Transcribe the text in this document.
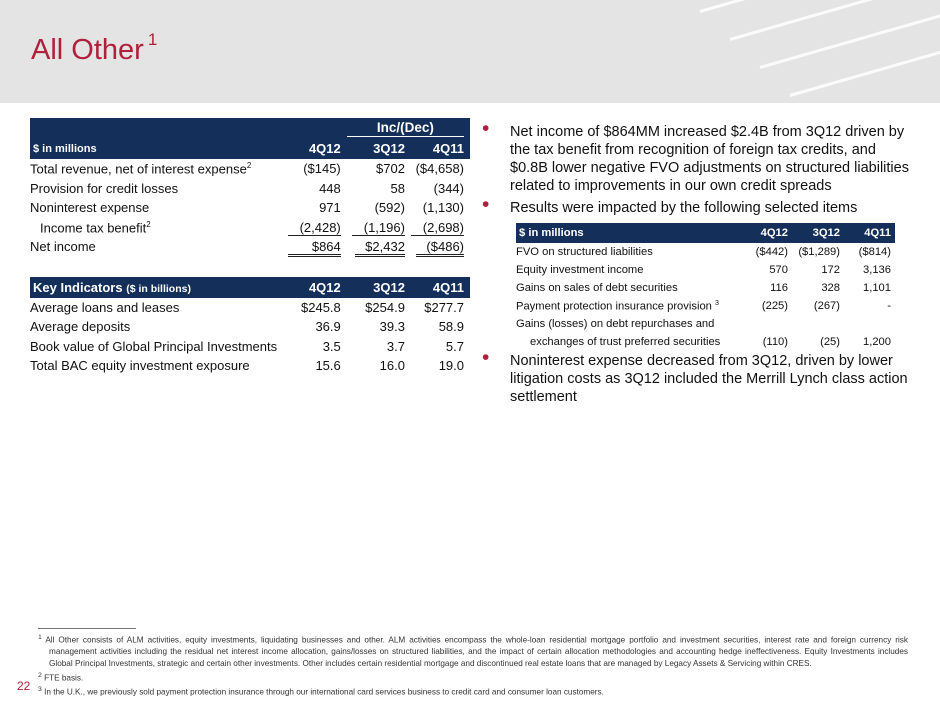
All Other $^1$
		Inc/(Dec)	
$ in millions	4Q12	3Q12	4Q11
Total revenue, net of interest expense$^2$	($145)	$702	($4,658)
Provision for credit losses	448	58	(344)
Noninterest expense	971	(592)	(1,130)
Income tax benefit$^2$	(2,428)	(1,196)	(2,698)
Net income	$864	$2,432	($486)

Key Indicators ($ in billions)	4Q12	3Q12	4Q11
Average loans and leases	$245.8	$254.9	$277.7
Average deposits	36.9	39.3	58.9
Book value of Global Principal Investments	3.5	3.7	5.7
Total BAC equity investment exposure	15.6	16.0	19.0
• Net income of $864MM increased $2.4B from 3Q12 driven by the tax benefit from recognition of foreign tax credits, and $0.8B lower negative FVO adjustments on structured liabilities related to improvements in our own credit spreads
• Results were impacted by the following selected items
$ in millions	4Q12	3Q12	4Q11
FVO on structured liabilities	($442)	($1,289)	($814)
Equity investment income	570	172	3,136
Gains on sales of debt securities	116	328	1,101
Payment protection insurance provision $^3$	(225)	(267)	-
Gains (losses) on debt repurchases and			
exchanges of trust preferred securities	(110)	(25)	1,200
• Noninterest expense decreased from 3Q12, driven by lower litigation costs as 3Q12 included the Merrill Lynch class action settlement

$^1$ All Other consists of ALM activities, equity investments, liquidating businesses and other. ALM activities encompass the whole-loan residential mortgage portfolio and investment securities, interest rate and foreign currency risk management activities including the residual net interest income allocation, gains/losses on structured liabilities, and the impact of certain allocation methodologies and accounting hedge ineffectiveness. Equity Investments includes Global Principal Investments, strategic and certain other investments. Other includes certain residential mortgage and discontinued real estate loans that are managed by Legacy Assets & Servicing within CRES.

$^2$ FTE basis.

$^3$ In the U.K., we previously sold payment protection insurance through our international card services business to credit card and consumer loan customers.

22
